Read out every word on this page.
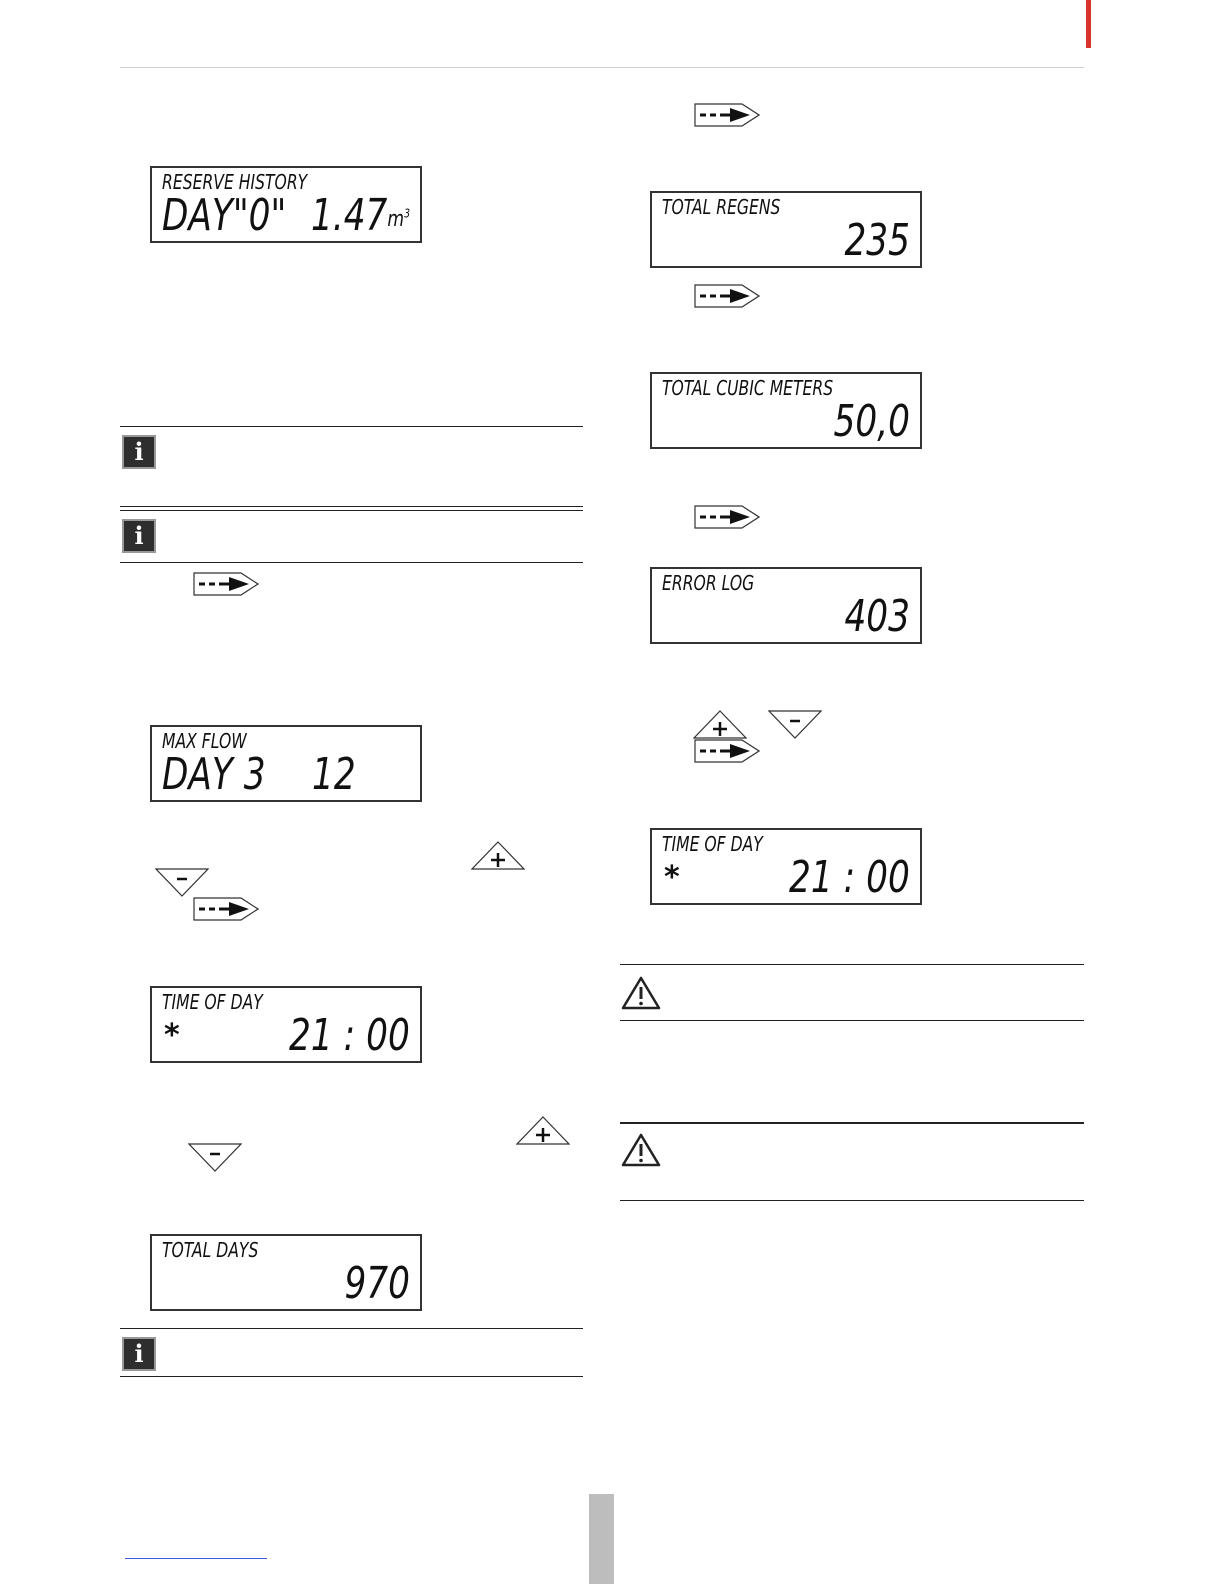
RESERVE HISTORY
DAY"0" $1.47m^3$
i
i
MAX FLOW
DAY 3 12
TIME OF DAY
* 21 : 00
TOTAL DAYS
970
i
TOTAL REGENS
235
TOTAL CUBIC METERS
50,0
ERROR LOG
403
TIME OF DAY
* 21 : 00
